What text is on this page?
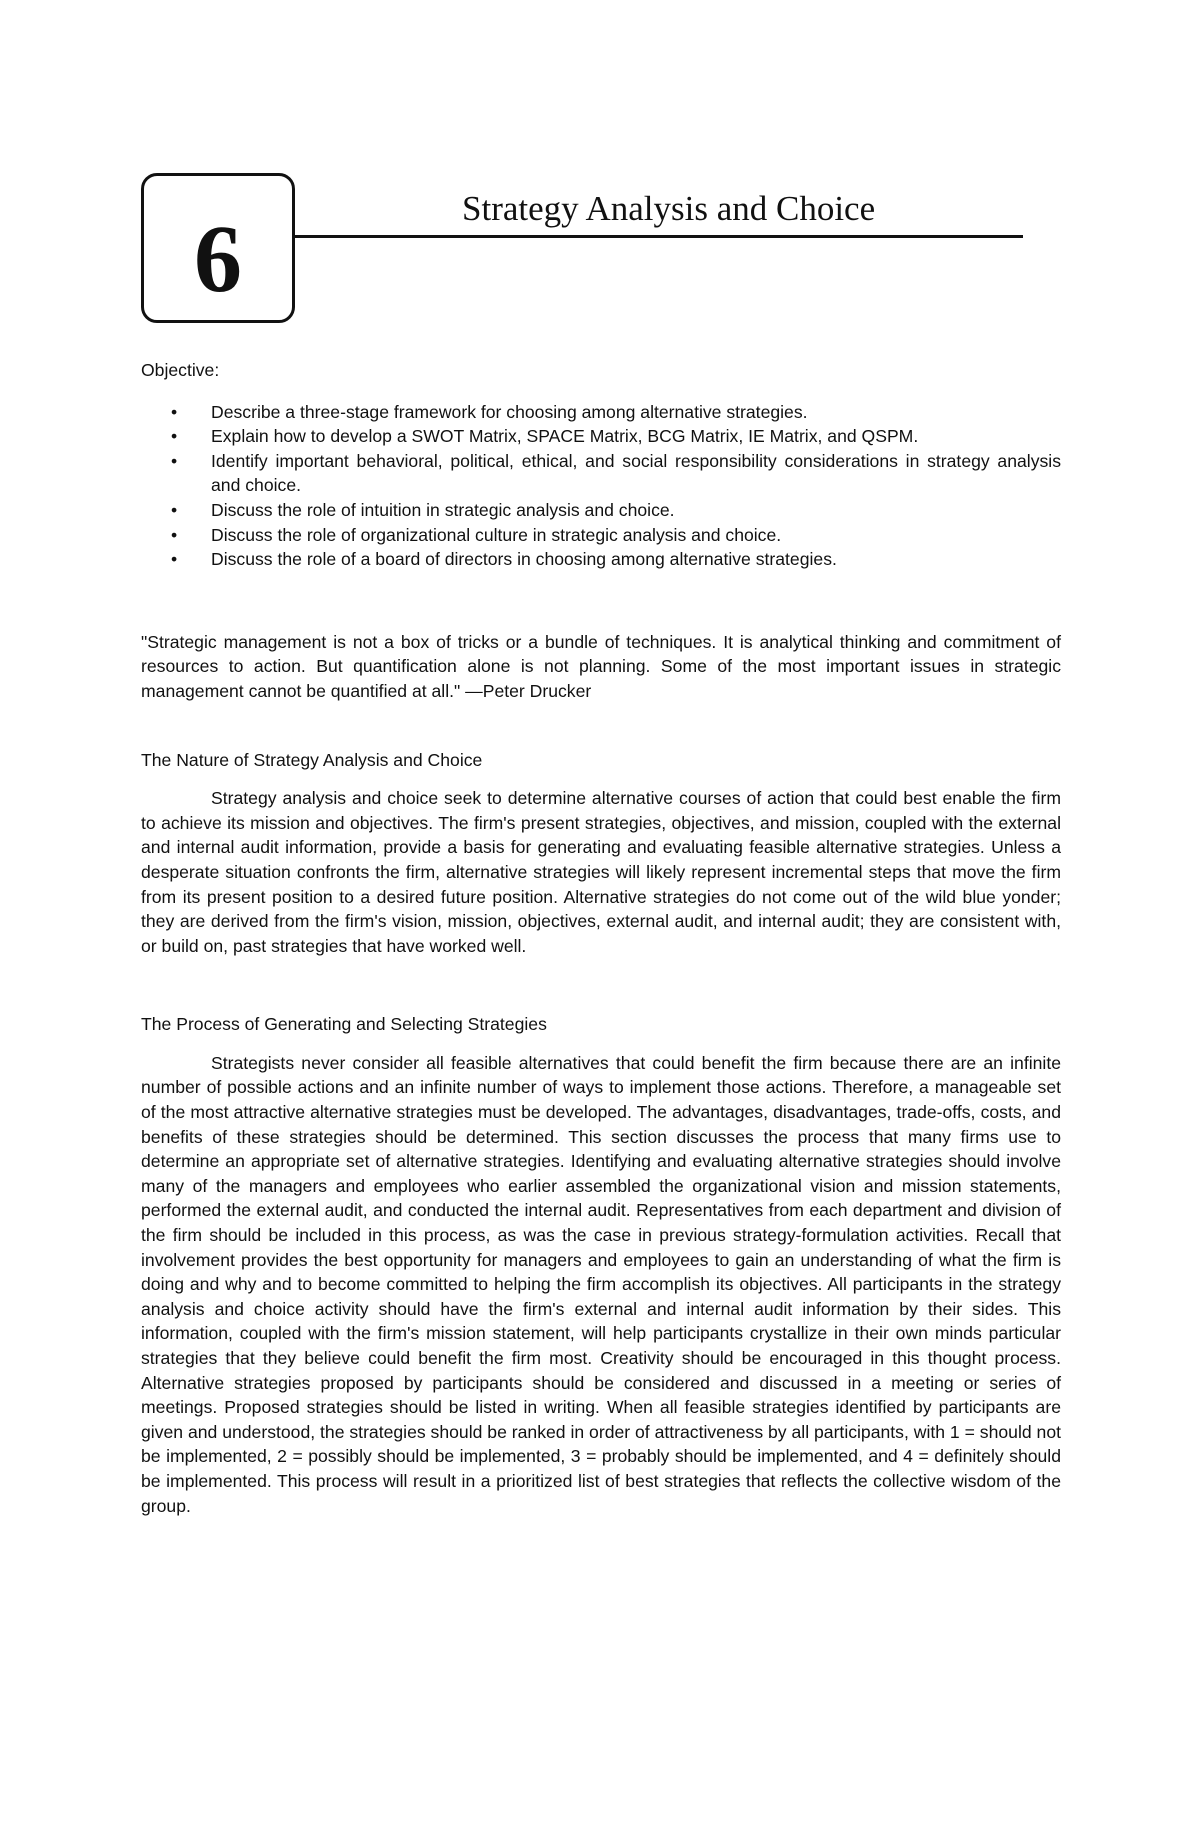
6	Strategy Analysis and Choice

Objective:

• Describe a three-stage framework for choosing among alternative strategies.
• Explain how to develop a SWOT Matrix, SPACE Matrix, BCG Matrix, IE Matrix, and QSPM.
• Identify important behavioral, political, ethical, and social responsibility considerations in strategy analysis and choice.
• Discuss the role of intuition in strategic analysis and choice.
• Discuss the role of organizational culture in strategic analysis and choice.
• Discuss the role of a board of directors in choosing among alternative strategies.

"Strategic management is not a box of tricks or a bundle of techniques. It is analytical thinking and commitment of resources to action. But quantification alone is not planning. Some of the most important issues in strategic management cannot be quantified at all." —Peter Drucker

The Nature of Strategy Analysis and Choice

Strategy analysis and choice seek to determine alternative courses of action that could best enable the firm to achieve its mission and objectives. The firm's present strategies, objectives, and mission, coupled with the external and internal audit information, provide a basis for generating and evaluating feasible alternative strategies. Unless a desperate situation confronts the firm, alternative strategies will likely represent incremental steps that move the firm from its present position to a desired future position. Alternative strategies do not come out of the wild blue yonder; they are derived from the firm's vision, mission, objectives, external audit, and internal audit; they are consistent with, or build on, past strategies that have worked well.

The Process of Generating and Selecting Strategies

Strategists never consider all feasible alternatives that could benefit the firm because there are an infinite number of possible actions and an infinite number of ways to implement those actions. Therefore, a manageable set of the most attractive alternative strategies must be developed. The advantages, disadvantages, trade-offs, costs, and benefits of these strategies should be determined. This section discusses the process that many firms use to determine an appropriate set of alternative strategies. Identifying and evaluating alternative strategies should involve many of the managers and employees who earlier assembled the organizational vision and mission statements, performed the external audit, and conducted the internal audit. Representatives from each department and division of the firm should be included in this process, as was the case in previous strategy-formulation activities. Recall that involvement provides the best opportunity for managers and employees to gain an understanding of what the firm is doing and why and to become committed to helping the firm accomplish its objectives. All participants in the strategy analysis and choice activity should have the firm's external and internal audit information by their sides. This information, coupled with the firm's mission statement, will help participants crystallize in their own minds particular strategies that they believe could benefit the firm most. Creativity should be encouraged in this thought process. Alternative strategies proposed by participants should be considered and discussed in a meeting or series of meetings. Proposed strategies should be listed in writing. When all feasible strategies identified by participants are given and understood, the strategies should be ranked in order of attractiveness by all participants, with 1 = should not be implemented, 2 = possibly should be implemented, 3 = probably should be implemented, and 4 = definitely should be implemented. This process will result in a prioritized list of best strategies that reflects the collective wisdom of the group.
